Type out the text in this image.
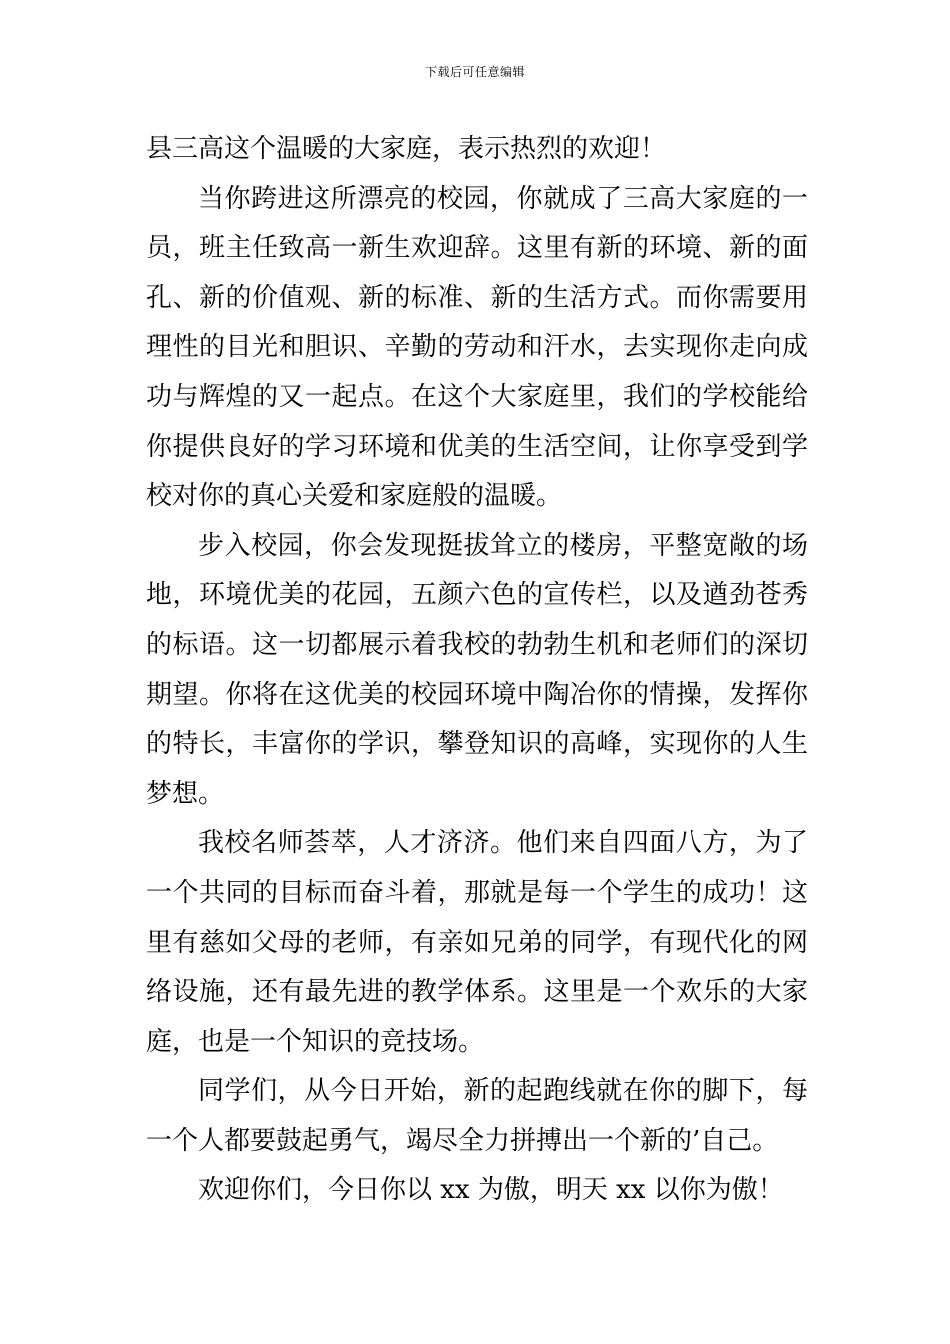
下载后可任意编辑

县三高这个温暖的大家庭，表示热烈的欢迎！

当你跨进这所漂亮的校园，你就成了三高大家庭的一员，班主任致高一新生欢迎辞。这里有新的环境、新的面孔、新的价值观、新的标准、新的生活方式。而你需要用理性的目光和胆识、辛勤的劳动和汗水，去实现你走向成功与辉煌的又一起点。在这个大家庭里，我们的学校能给你提供良好的学习环境和优美的生活空间，让你享受到学校对你的真心关爱和家庭般的温暖。

步入校园，你会发现挺拔耸立的楼房，平整宽敞的场地，环境优美的花园，五颜六色的宣传栏，以及遒劲苍秀的标语。这一切都展示着我校的勃勃生机和老师们的深切期望。你将在这优美的校园环境中陶冶你的情操，发挥你的特长，丰富你的学识，攀登知识的高峰，实现你的人生梦想。

我校名师荟萃，人才济济。他们来自四面八方，为了一个共同的目标而奋斗着，那就是每一个学生的成功！这里有慈如父母的老师，有亲如兄弟的同学，有现代化的网络设施，还有最先进的教学体系。这里是一个欢乐的大家庭，也是一个知识的竞技场。

同学们，从今日开始，新的起跑线就在你的脚下，每一个人都要鼓起勇气，竭尽全力拼搏出一个新的’自己。

欢迎你们，今日你以 xx 为傲，明天 xx 以你为傲！
